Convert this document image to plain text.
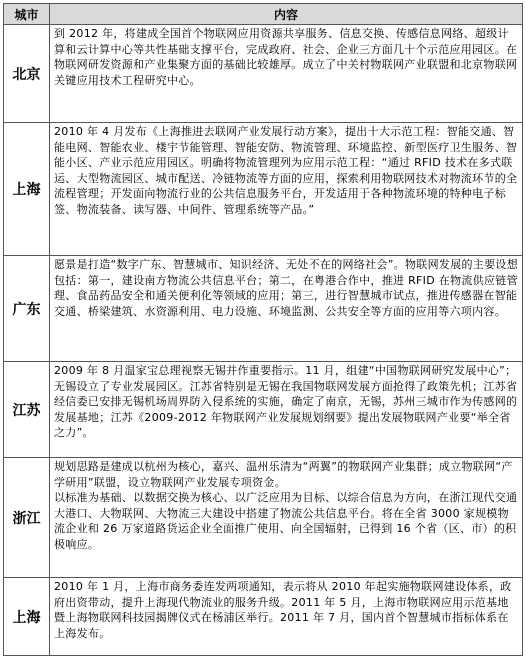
城市	内容
北京	到 2012 年，将建成全国首个物联网应用资源共享服务、信息交换、传感信息网络、超级计算和云计算中心等共性基础支撑平台，完成政府、社会、企业三方面几十个示范应用园区。在物联网研发资源和产业集聚方面的基础比较雄厚。成立了中关村物联网产业联盟和北京物联网关键应用技术工程研究中心。

上海	2010 年 4 月发布《上海推进去联网产业发展行动方案》，提出十大示范工程：智能交通、智能电网、智能农业、楼宇节能管理、智能安防、物流管理、环境监控、新型医疗卫生服务、智能小区、产业示范应用园区。明确将物流管理列为应用示范工程：“通过 RFID 技术在多式联运、大型物流园区、城市配送、冷链物流等方面的应用，探索利用物联网技术对物流环节的全流程管理；开发面向物流行业的公共信息服务平台，开发适用于各种物流环境的特种电子标签、物流装备、读写器、中间件、管理系统等产品。”

广东	愿景是打造“数字广东、智慧城市、知识经济、无处不在的网络社会”。物联网发展的主要设想包括：第一，建设南方物流公共信息平台；第二，在粤港合作中，推进 RFID 在物流供应链管理、食品药品安全和通关便利化等领域的应用；第三，进行智慧城市试点，推进传感器在智能交通、桥梁建筑、水资源利用、电力设施、环境监测、公共安全等方面的应用等六项内容。

江苏	2009 年 8 月温家宝总理视察无锡并作重要指示。11 月，组建“中国物联网研究发展中心”；无锡设立了专业发展园区。江苏省特别是无锡在我国物联网发展方面抢得了政策先机；江苏省经信委已安排无锡机场周界防入侵系统的实施，确定了南京，无锡，苏州三城市作为传感网的发展基地；江苏《2009-2012 年物联网产业发展规划纲要》提出发展物联网产业要“举全省之力”。

浙江	规划思路是建成以杭州为核心，嘉兴、温州乐清为“两翼”的物联网产业集群；成立物联网“产学研用”联盟，设立物联网产业发展专项资金。

以标准为基础、以数据交换为核心、以广泛应用为目标、以综合信息为方向，在浙江现代交通大港口、大物联网、大物流三大建设中搭建了物流公共信息平台。将在全省 3000 家规模物流企业和 26 万家道路货运企业全面推广使用、向全国辐射，已得到 16 个省（区、市）的积极响应。

上海	2010 年 1 月，上海市商务委连发两项通知，表示将从 2010 年起实施物联网建设体系，政府出资带动，提升上海现代物流业的服务升级。2011 年 5 月，上海市物联网应用示范基地暨上海物联网科技园揭牌仪式在杨浦区举行。2011 年 7 月，国内首个智慧城市指标体系在上海发布。
